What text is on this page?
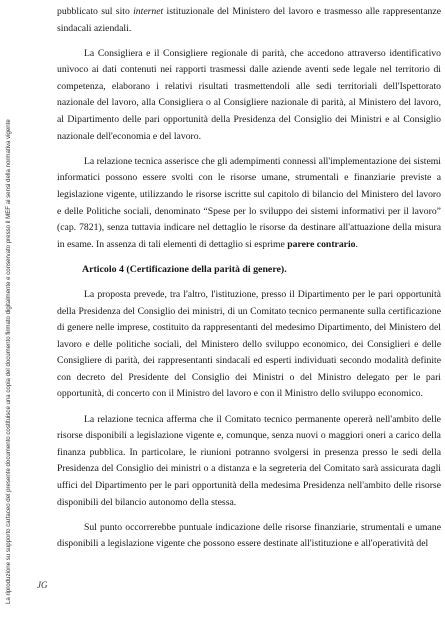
La riproduzione su supporto cartaceo del presente documento costituisce una copia del documento firmato digitalmente e conservato presso il MEF ai sensi della normativa vigente

pubblicato sul sito internet istituzionale del Ministero del lavoro e trasmesso alle rappresentanze sindacali aziendali.

La Consigliera e il Consigliere regionale di parità, che accedono attraverso identificativo univoco ai dati contenuti nei rapporti trasmessi dalle aziende aventi sede legale nel territorio di competenza, elaborano i relativi risultati trasmettendoli alle sedi territoriali dell'Ispettorato nazionale del lavoro, alla Consigliera o al Consigliere nazionale di parità, al Ministero del lavoro, al Dipartimento delle pari opportunità della Presidenza del Consiglio dei Ministri e al Consiglio nazionale dell'economia e del lavoro.

La relazione tecnica asserisce che gli adempimenti connessi all'implementazione dei sistemi informatici possono essere svolti con le risorse umane, strumentali e finanziarie previste a legislazione vigente, utilizzando le risorse iscritte sul capitolo di bilancio del Ministero del lavoro e delle Politiche sociali, denominato “Spese per lo sviluppo dei sistemi informativi per il lavoro” (cap. 7821), senza tuttavia indicare nel dettaglio le risorse da destinare all'attuazione della misura in esame. In assenza di tali elementi di dettaglio si esprime parere contrario.

Articolo 4 (Certificazione della parità di genere).

La proposta prevede, tra l'altro, l'istituzione, presso il Dipartimento per le pari opportunità della Presidenza del Consiglio dei ministri, di un Comitato tecnico permanente sulla certificazione di genere nelle imprese, costituito da rappresentanti del medesimo Dipartimento, del Ministero del lavoro e delle politiche sociali, del Ministero dello sviluppo economico, dei Consiglieri e delle Consigliere di parità, dei rappresentanti sindacali ed esperti individuati secondo modalità definite con decreto del Presidente del Consiglio dei Ministri o del Ministro delegato per le pari opportunità, di concerto con il Ministro del lavoro e con il Ministro dello sviluppo economico.

La relazione tecnica afferma che il Comitato tecnico permanente opererà nell'ambito delle risorse disponibili a legislazione vigente e, comunque, senza nuovi o maggiori oneri a carico della finanza pubblica. In particolare, le riunioni potranno svolgersi in presenza presso le sedi della Presidenza del Consiglio dei ministri o a distanza e la segreteria del Comitato sarà assicurata dagli uffici del Dipartimento per le pari opportunità della medesima Presidenza nell'ambito delle risorse disponibili del bilancio autonomo della stessa.

Sul punto occorrerebbe puntuale indicazione delle risorse finanziarie, strumentali e umane disponibili a legislazione vigente che possono essere destinate all'istituzione e all'operatività del

JG
